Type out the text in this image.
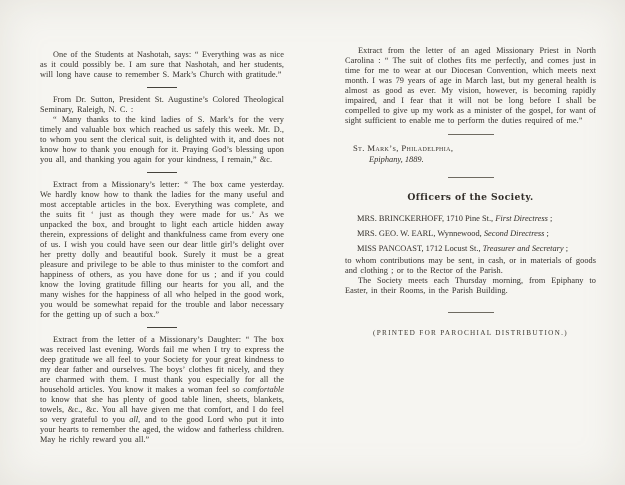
One of the Students at Nashotah, says: “ Everything was as nice as it could possibly be. I am sure that Nashotah, and her students, will long have cause to remember S. Mark’s Church with gratitude.”

From Dr. Sutton, President St. Augustine’s Colored Theological Seminary, Raleigh, N. C. :

“ Many thanks to the kind ladies of S. Mark’s for the very timely and valuable box which reached us safely this week. Mr. D., to whom you sent the clerical suit, is delighted with it, and does not know how to thank you enough for it. Praying God’s blessing upon you all, and thanking you again for your kindness, I remain,” &c.

Extract from a Missionary’s letter: “ The box came yesterday. We hardly know how to thank the ladies for the many useful and most acceptable articles in the box. Everything was complete, and the suits fit ‘ just as though they were made for us.’ As we unpacked the box, and brought to light each article hidden away therein, expressions of delight and thankfulness came from every one of us. I wish you could have seen our dear little girl’s delight over her pretty dolly and beautiful book. Surely it must be a great pleasure and privilege to be able to thus minister to the comfort and happiness of others, as you have done for us ; and if you could know the loving gratitude filling our hearts for you all, and the many wishes for the happiness of all who helped in the good work, you would be somewhat repaid for the trouble and labor necessary for the getting up of such a box.”

Extract from the letter of a Missionary’s Daughter: “ The box was received last evening. Words fail me when I try to express the deep gratitude we all feel to your Society for your great kindness to my dear father and ourselves. The boys’ clothes fit nicely, and they are charmed with them. I must thank you especially for all the household articles. You know it makes a woman feel so comfortable to know that she has plenty of good table linen, sheets, blankets, towels, &c., &c. You all have given me that comfort, and I do feel so very grateful to you all, and to the good Lord who put it into your hearts to remember the aged, the widow and fatherless children. May he richly reward you all.”

Extract from the letter of an aged Missionary Priest in North Carolina : “ The suit of clothes fits me perfectly, and comes just in time for me to wear at our Diocesan Convention, which meets next month. I was 79 years of age in March last, but my general health is almost as good as ever. My vision, however, is becoming rapidly impaired, and I fear that it will not be long before I shall be compelled to give up my work as a minister of the gospel, for want of sight sufficient to enable me to perform the duties required of me.”

St. Mark’s, Philadelphia,
Epiphany, 1889.
Officers of the Society.
MRS. BRINCKERHOFF, 1710 Pine St., First Directress ;
MRS. GEO. W. EARL, Wynnewood, Second Directress ;
MISS PANCOAST, 1712 Locust St., Treasurer and Secretary ;

to whom contributions may be sent, in cash, or in materials of goods and clothing ; or to the Rector of the Parish.

The Society meets each Thursday morning, from Epiphany to Easter, in their Rooms, in the Parish Building.

(PRINTED FOR PAROCHIAL DISTRIBUTION.)
